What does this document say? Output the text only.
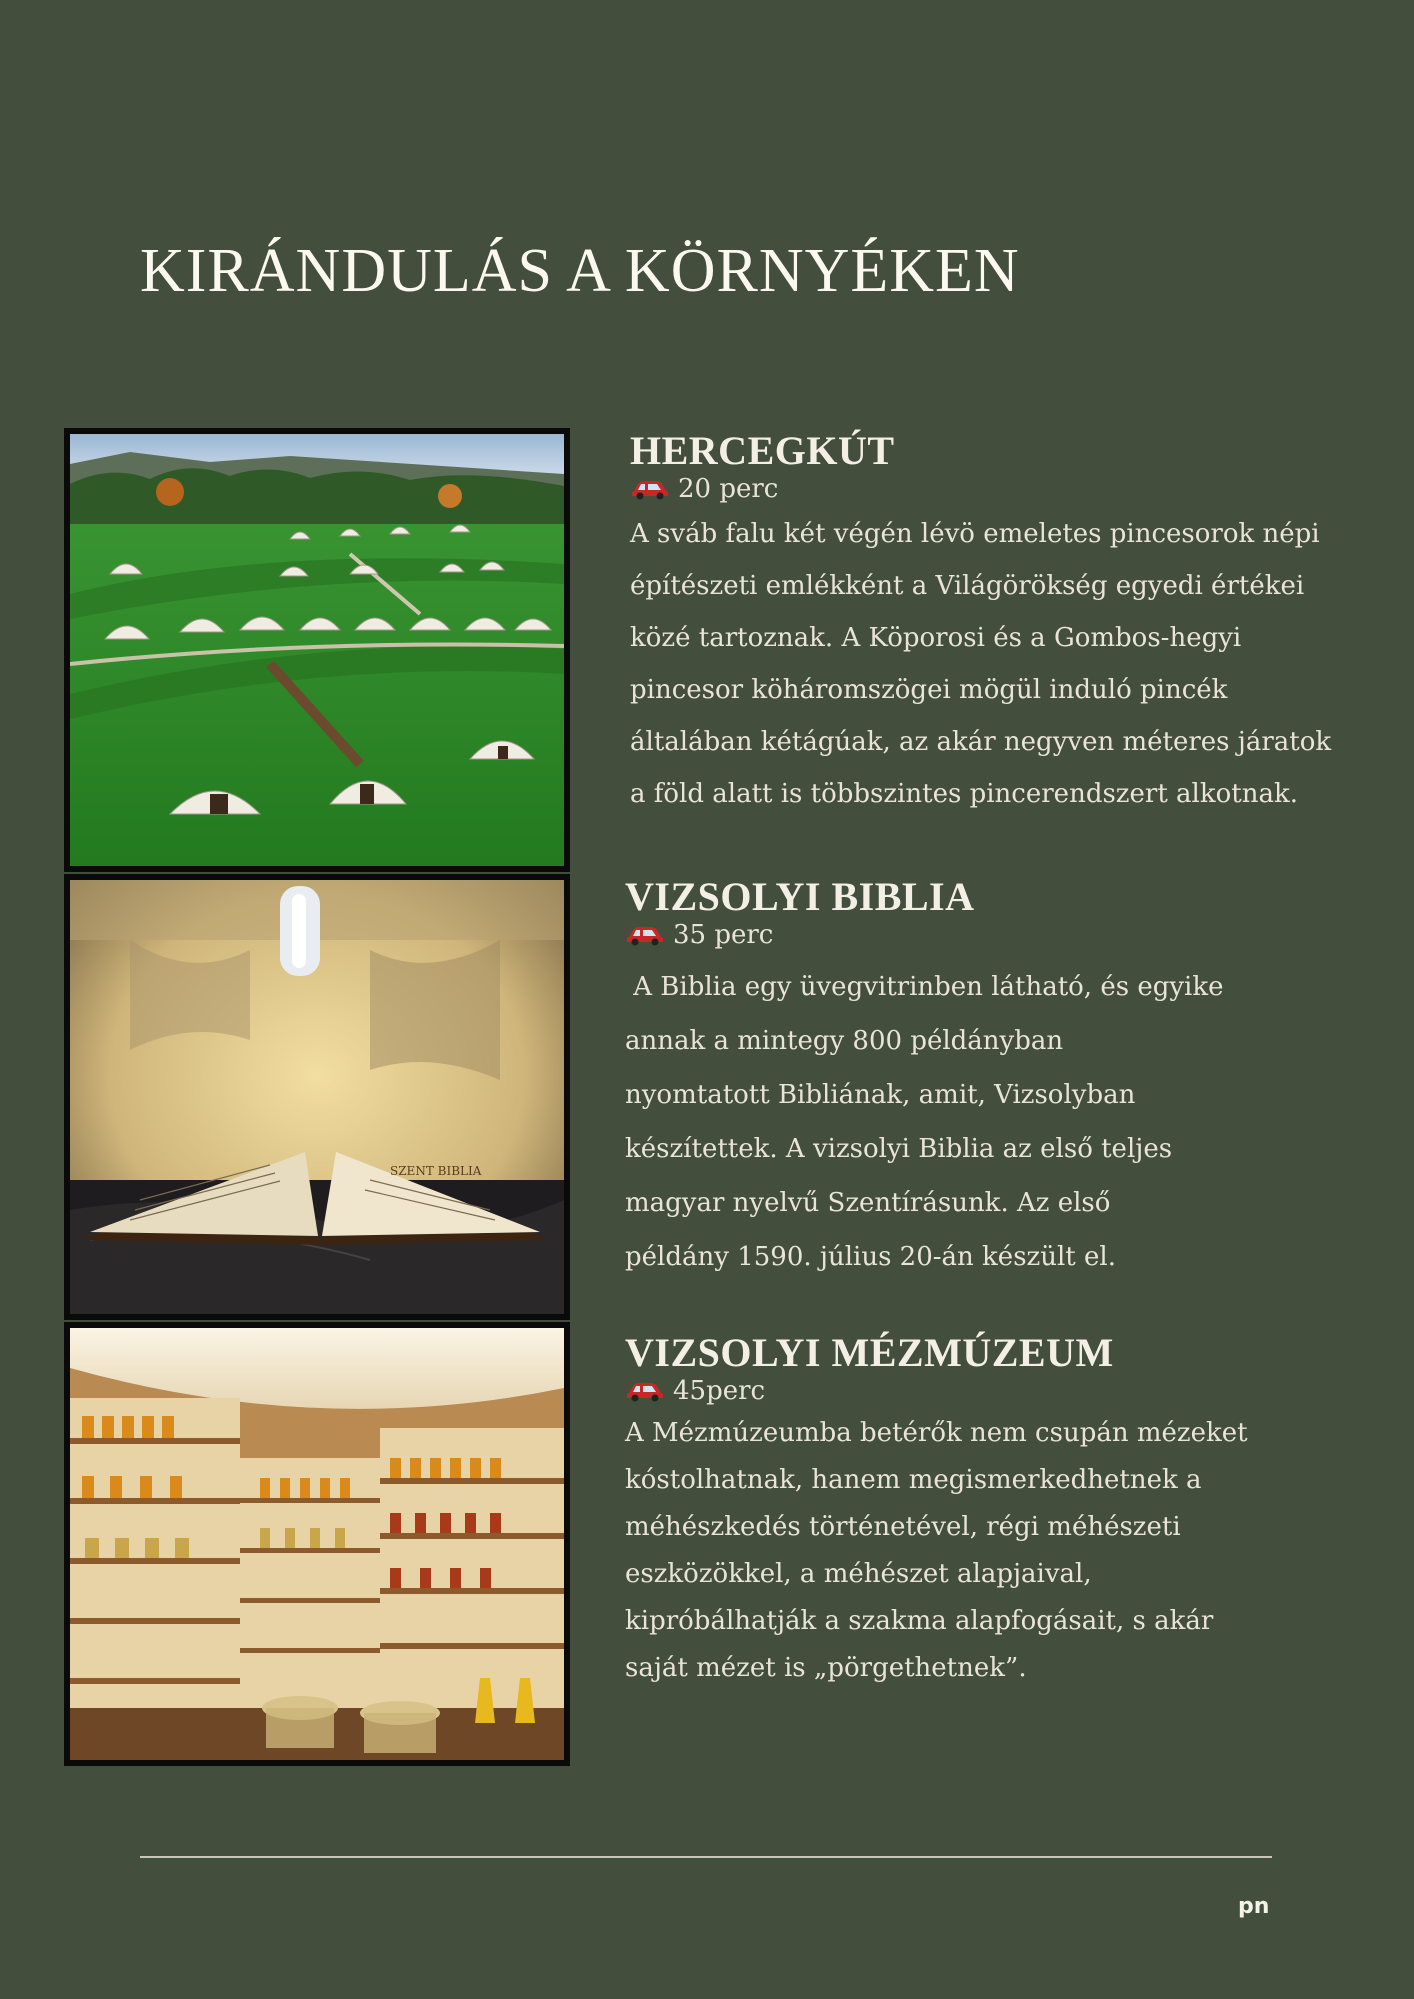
KIRÁNDULÁS A KÖRNYÉKEN
SZENT BIBLIA
HERCEGKÚT
20 perc

A sváb falu két végén lévö emeletes pincesorok népi
építészeti emlékként a Világörökség egyedi értékei
közé tartoznak. A Köporosi és a Gombos-hegyi
pincesor köháromszögei mögül induló pincék
általában kétágúak, az akár negyven méteres járatok
a föld alatt is többszintes pincerendszert alkotnak.

VIZSOLYI BIBLIA
35 perc

A Biblia egy üvegvitrinben látható, és egyike
annak a mintegy 800 példányban
nyomtatott Bibliának, amit, Vizsolyban
készítettek. A vizsolyi Biblia az első teljes
magyar nyelvű Szentírásunk. Az első
példány 1590. július 20-án készült el.

VIZSOLYI MÉZMÚZEUM
45perc

A Mézmúzeumba betérők nem csupán mézeket
kóstolhatnak, hanem megismerkedhetnek a
méhészkedés történetével, régi méhészeti
eszközökkel, a méhészet alapjaival,
kipróbálhatják a szakma alapfogásait, s akár
saját mézet is „pörgethetnek”.

pn
